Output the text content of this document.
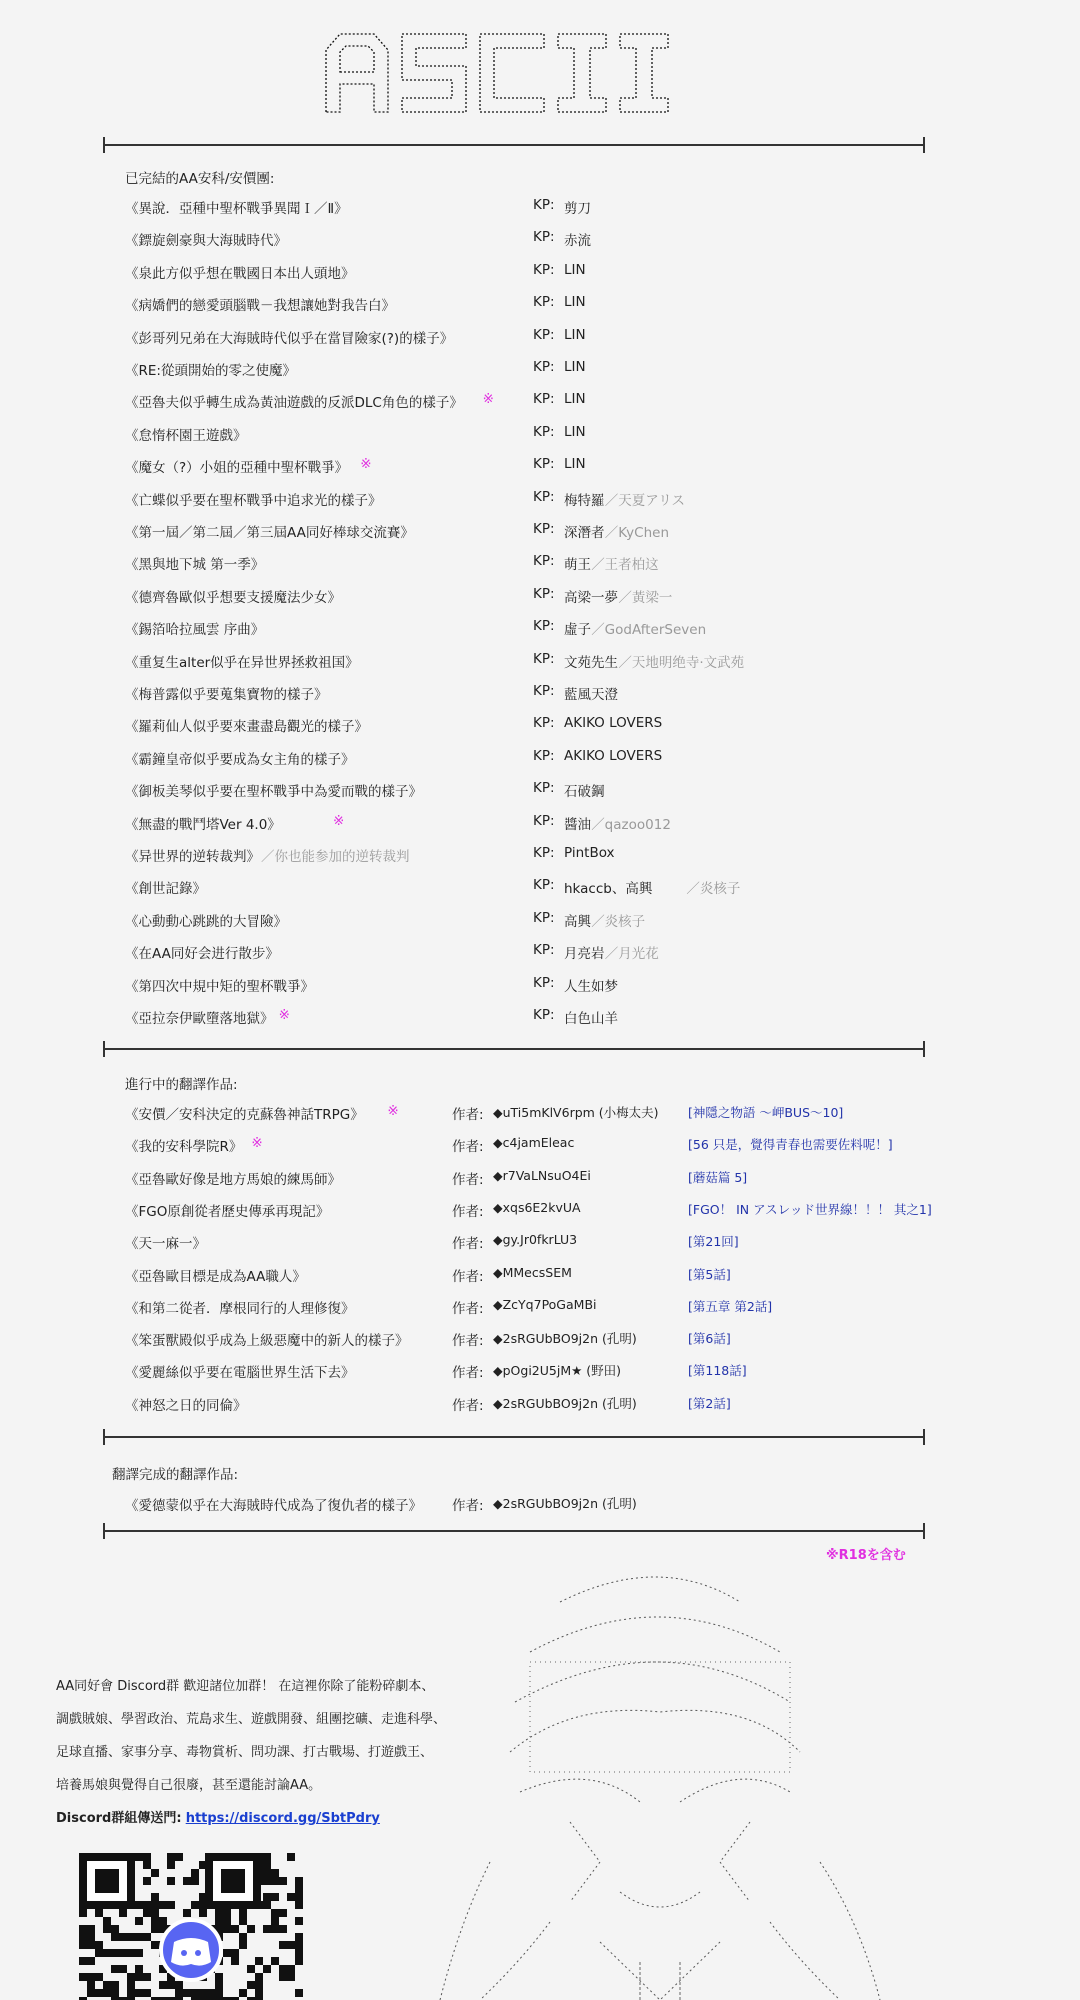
已完結的AA安科/安價團:
《異說．亞種中聖杯戰爭異聞Ｉ／Ⅱ》	KP: 剪刀
《鏢旋劍豪與大海賊時代》	KP: 赤流
《泉此方似乎想在戰國日本出人頭地》	KP: LIN
《病嬌們的戀愛頭腦戰－我想讓她對我告白》	KP: LIN
《彭哥列兄弟在大海賊時代似乎在當冒險家(?)的樣子》	KP: LIN
《RE:從頭開始的零之使魔》	KP: LIN
《亞魯夫似乎轉生成為黃油遊戲的反派DLC角色的樣子》 ※	KP: LIN
《怠惰杯園王遊戲》	KP: LIN
《魔女（?）小姐的亞種中聖杯戰爭》 ※	KP: LIN
《亡蝶似乎要在聖杯戰爭中追求光的樣子》	KP: 梅特羅 ／天夏アリス
《第一屆／第二屆／第三屆AA同好棒球交流賽》	KP: 深潛者 ／KyChen
《黑與地下城 第一季》	KP: 萌王 ／王者柏这
《德齊魯歐似乎想要支援魔法少女》	KP: 高梁一夢 ／黃梁一
《錫箔哈拉風雲 序曲》	KP: 虛子 ／GodAfterSeven
《重复生alter似乎在异世界拯救祖国》	KP: 文苑先生 ／天地明绝寺·文武苑
《梅普露似乎要蒐集寶物的樣子》	KP: 藍風天澄
《羅莉仙人似乎要來畫盡島觀光的樣子》	KP: AKIKO LOVERS
《霸鐘皇帝似乎要成為女主角的樣子》	KP: AKIKO LOVERS
《御板美琴似乎要在聖杯戰爭中為愛而戰的樣子》	KP: 石破鋼
《無盡的戰鬥塔Ver 4.0》	※	KP: 醬油 ／qazoo012
《异世界的逆转裁判》 ／你也能参加的逆转裁判	KP: PintBox
《創世記錄》	KP: hkaccb、高興	／炎核子
《心動動心跳跳的大冒險》	KP: 高興 ／炎核子
《在AA同好会进行散步》	KP: 月亮岩 ／月光花
《第四次中規中矩的聖杯戰爭》	KP: 人生如梦
《亞拉奈伊歐墮落地獄》 ※	KP: 白色山羊
進行中的翻譯作品:
《安價／安科決定的克蘇魯神話TRPG》 ※	作者: ◆uTi5mKlV6rpm (小梅太夫) [神隱之物語 ～岬BUS～10]
《我的安科學院R》 ※	作者: ◆c4jamEleac	[56 只是，覺得青春也需要佐料呢！]
《亞魯歐好像是地方馬娘的練馬師》	作者: ◆r7VaLNsuO4Ei	[蘑菇篇 5]
《FGO原創從者歷史傳承再現記》	作者: ◆xqs6E2kvUA	[FGO！ IN アスレッド世界線！！！ 其之1]
《天一麻一》	作者: ◆gy.Jr0fkrLU3	[第21回]
《亞魯歐目標是成為AA職人》	作者: ◆MMecsSEM	[第5話]
《和第二從者．摩根同行的人理修復》	作者: ◆ZcYq7PoGaMBi	[第五章 第2話]
《笨蛋獸殿似乎成為上級惡魔中的新人的樣子》	作者: ◆2sRGUbBO9j2n (孔明)	[第6話]
《愛麗絲似乎要在電腦世界生活下去》	作者: ◆pOgi2U5jM★ (野田)	[第118話]
《神怒之日的同倫》	作者: ◆2sRGUbBO9j2n (孔明)	[第2話]
翻譯完成的翻譯作品:
《愛德蒙似乎在大海賊時代成為了復仇者的樣子》 作者: ◆2sRGUbBO9j2n (孔明)
※R18を含む
AA同好會 Discord群 歡迎諸位加群！ 在這裡你除了能粉碎劇本、
調戲賊娘、學習政治、荒島求生、遊戲開發、組團挖礦、走進科學、
足球直播、家事分享、毒物賞析、問功課、打古戰場、打遊戲王、
培養馬娘與覺得自己很廢，甚至還能討論AA。
Discord群組傳送門: https://discord.gg/SbtPdry
